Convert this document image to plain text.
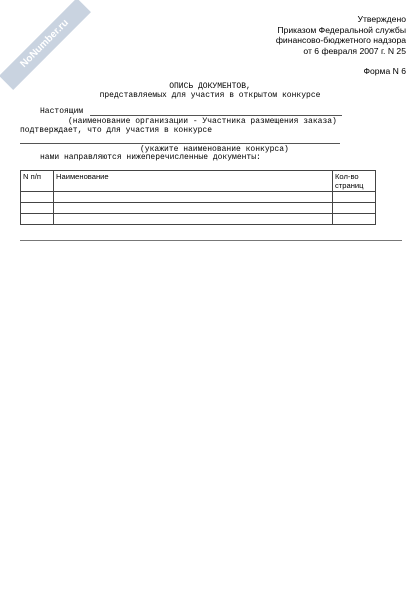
NoNumber.ru	Утверждено
Приказом Федеральной службы
финансово-бюджетного надзора
от 6 февраля 2007 г. N 25
Форма N 6
ОПИСЬ ДОКУМЕНТОВ,
представляемых для участия в открытом конкурсе
Настоящим
(наименование организации - Участника размещения заказа)
подтверждает, что для участия в конкурсе
(укажите наименование конкурса)
нами направляются нижеперечисленные документы:
N п/п	Наименование	Кол-во страниц
